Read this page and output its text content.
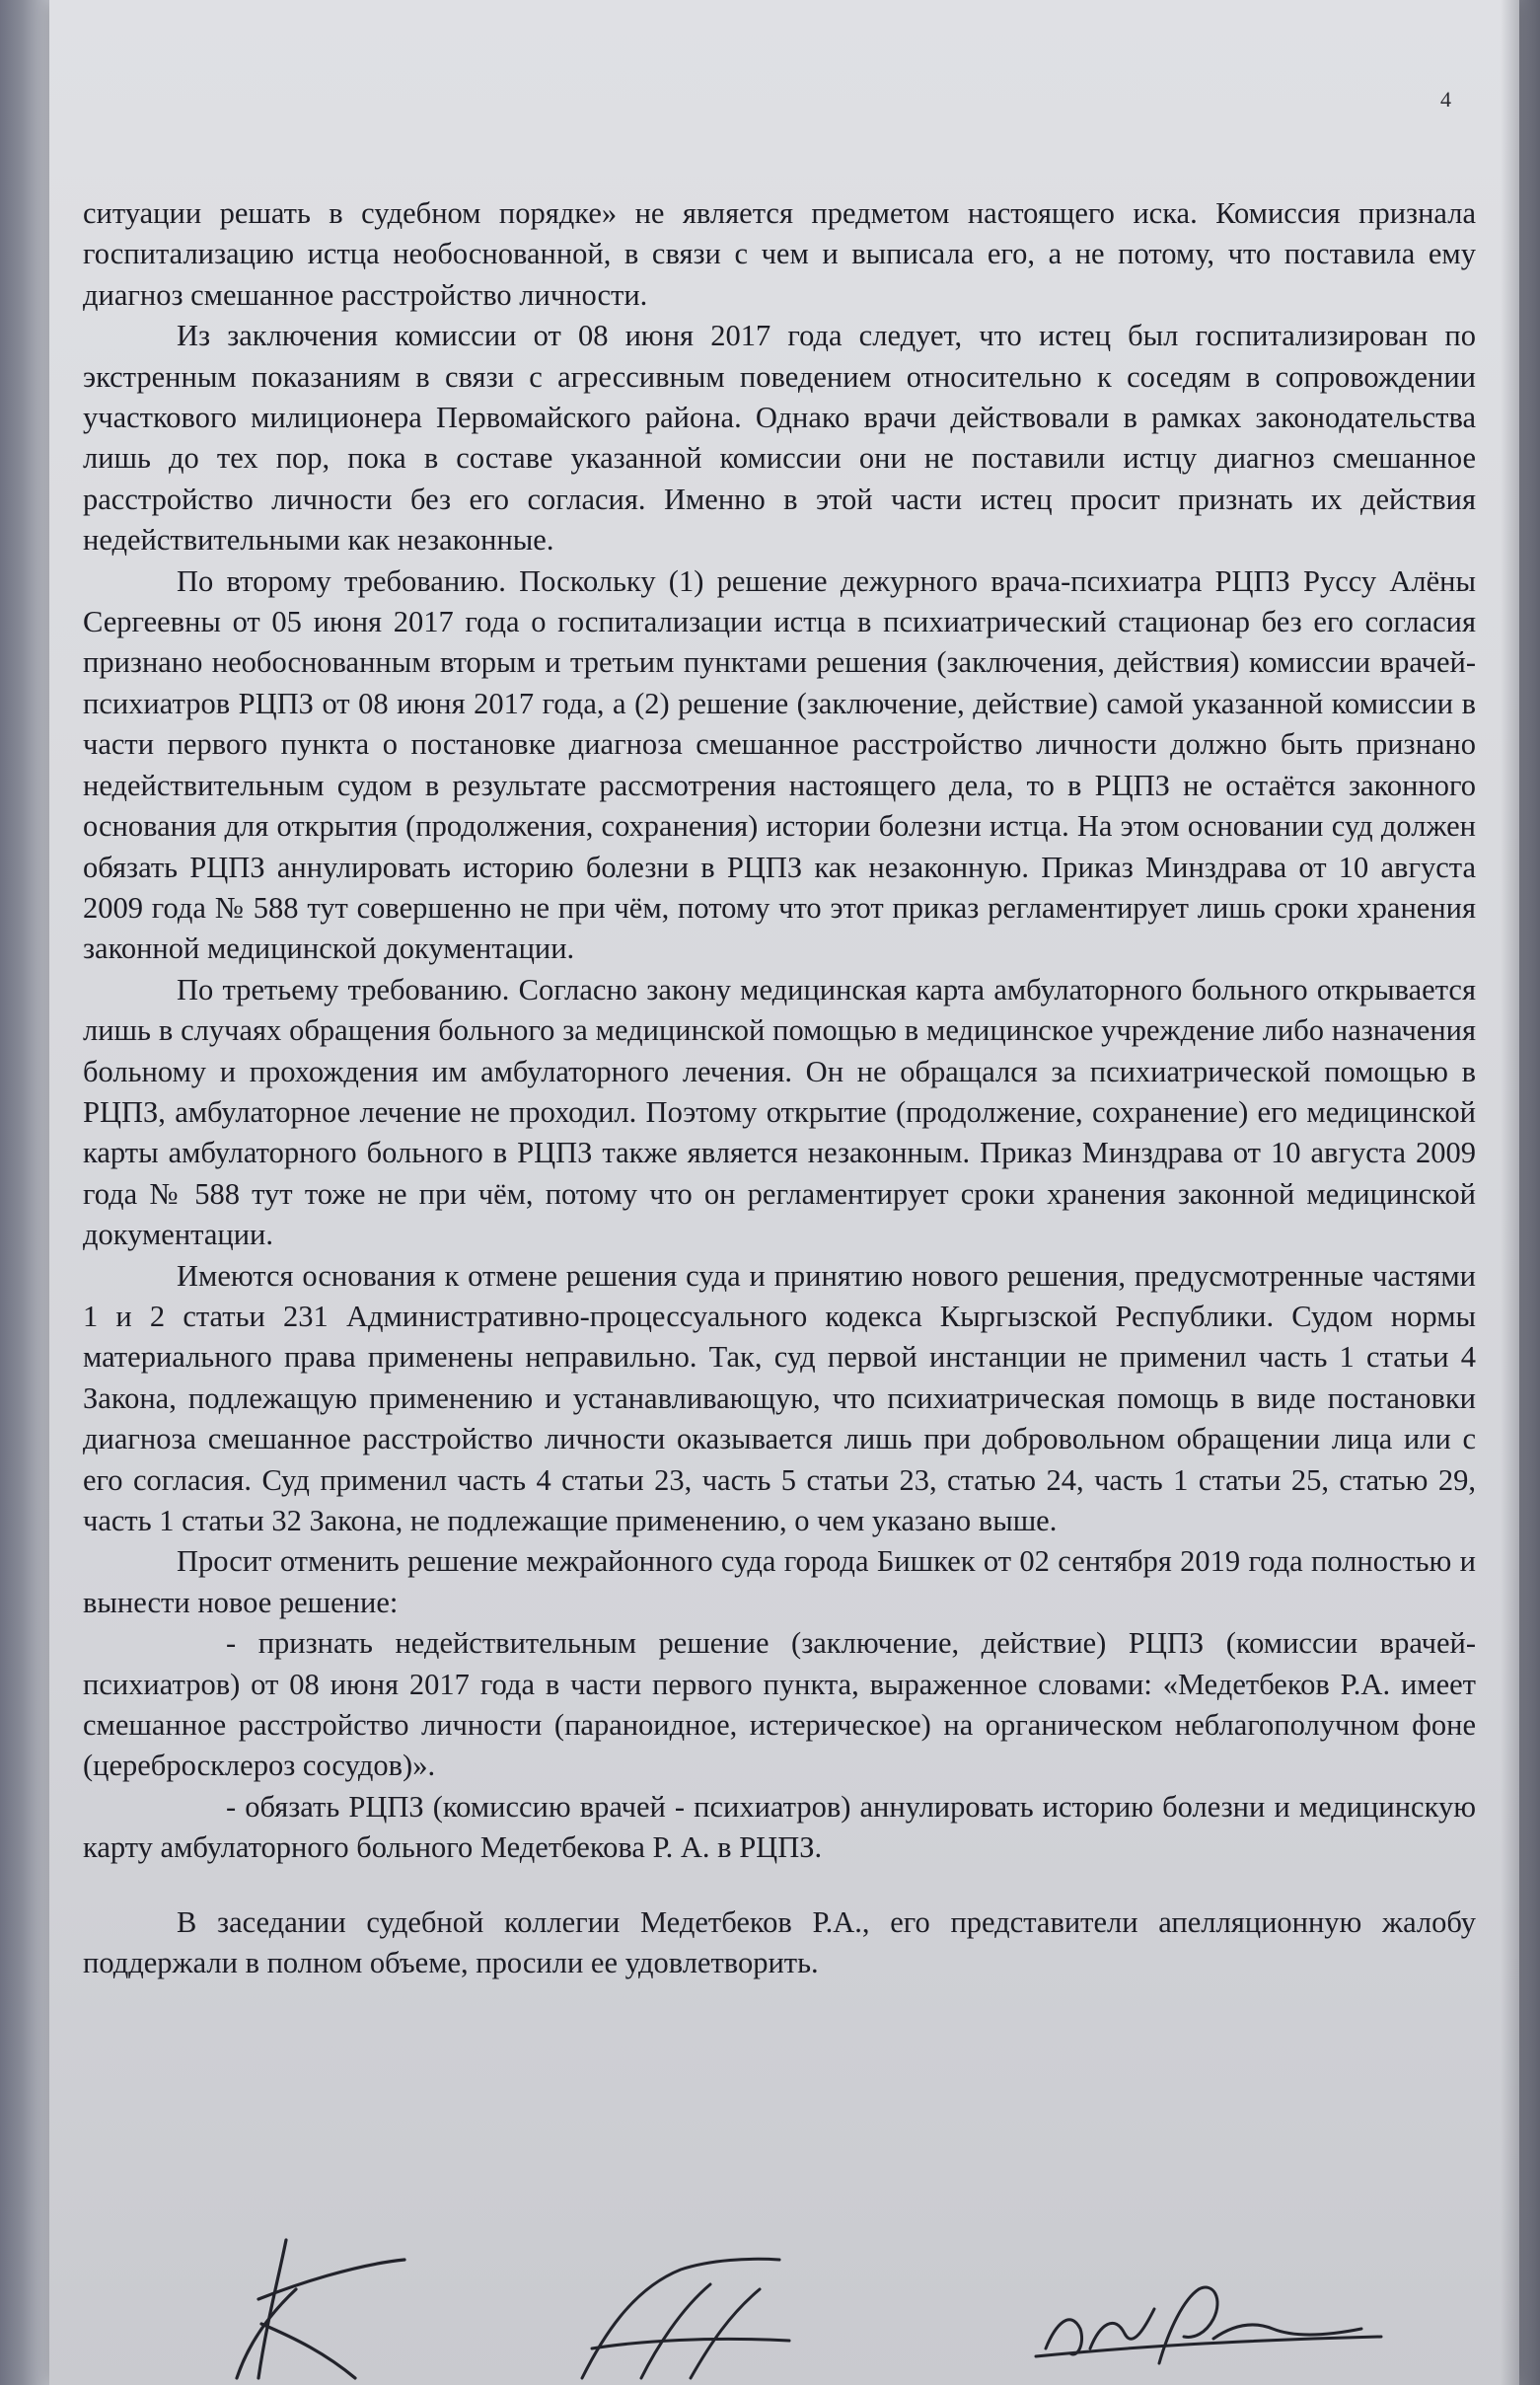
4

ситуации решать в судебном порядке» не является предметом настоящего иска. Комиссия признала госпитализацию истца необоснованной, в связи с чем и выписала его, а не потому, что поставила ему диагноз смешанное расстройство личности.

Из заключения комиссии от 08 июня 2017 года следует, что истец был госпитализирован по экстренным показаниям в связи с агрессивным поведением относительно к соседям в сопровождении участкового милиционера Первомайского района. Однако врачи действовали в рамках законодательства лишь до тех пор, пока в составе указанной комиссии они не поставили истцу диагноз смешанное расстройство личности без его согласия. Именно в этой части истец просит признать их действия недействительными как незаконные.

По второму требованию. Поскольку (1) решение дежурного врача-психиатра РЦПЗ Руссу Алёны Сергеевны от 05 июня 2017 года о госпитализации истца в психиатрический стационар без его согласия признано необоснованным вторым и третьим пунктами решения (заключения, действия) комиссии врачей-психиатров РЦПЗ от 08 июня 2017 года, а (2) решение (заключение, действие) самой указанной комиссии в части первого пункта о постановке диагноза смешанное расстройство личности должно быть признано недействительным судом в результате рассмотрения настоящего дела, то в РЦПЗ не остаётся законного основания для открытия (продолжения, сохранения) истории болезни истца. На этом основании суд должен обязать РЦПЗ аннулировать историю болезни в РЦПЗ как незаконную. Приказ Минздрава от 10 августа 2009 года № 588 тут совершенно не при чём, потому что этот приказ регламентирует лишь сроки хранения законной медицинской документации.

По третьему требованию. Согласно закону медицинская карта амбулаторного больного открывается лишь в случаях обращения больного за медицинской помощью в медицинское учреждение либо назначения больному и прохождения им амбулаторного лечения. Он не обращался за психиатрической помощью в РЦПЗ, амбулаторное лечение не проходил. Поэтому открытие (продолжение, сохранение) его медицинской карты амбулаторного больного в РЦПЗ также является незаконным. Приказ Минздрава от 10 августа 2009 года № 588 тут тоже не при чём, потому что он регламентирует сроки хранения законной медицинской документации.

Имеются основания к отмене решения суда и принятию нового решения, предусмотренные частями 1 и 2 статьи 231 Административно-процессуального кодекса Кыргызской Республики. Судом нормы материального права применены неправильно. Так, суд первой инстанции не применил часть 1 статьи 4 Закона, подлежащую применению и устанавливающую, что психиатрическая помощь в виде постановки диагноза смешанное расстройство личности оказывается лишь при добровольном обращении лица или с его согласия. Суд применил часть 4 статьи 23, часть 5 статьи 23, статью 24, часть 1 статьи 25, статью 29, часть 1 статьи 32 Закона, не подлежащие применению, о чем указано выше.

Просит отменить решение межрайонного суда города Бишкек от 02 сентября 2019 года полностью и вынести новое решение:

- признать недействительным решение (заключение, действие) РЦПЗ (комиссии врачей-психиатров) от 08 июня 2017 года в части первого пункта, выраженное словами: «Медетбеков Р.А. имеет смешанное расстройство личности (параноидное, истерическое) на органическом неблагополучном фоне (церебросклероз сосудов)».

- обязать РЦПЗ (комиссию врачей - психиатров) аннулировать историю болезни и медицинскую карту амбулаторного больного Медетбекова Р. А. в РЦПЗ.

В заседании судебной коллегии Медетбеков Р.А., его представители апелляционную жалобу поддержали в полном объеме, просили ее удовлетворить.
